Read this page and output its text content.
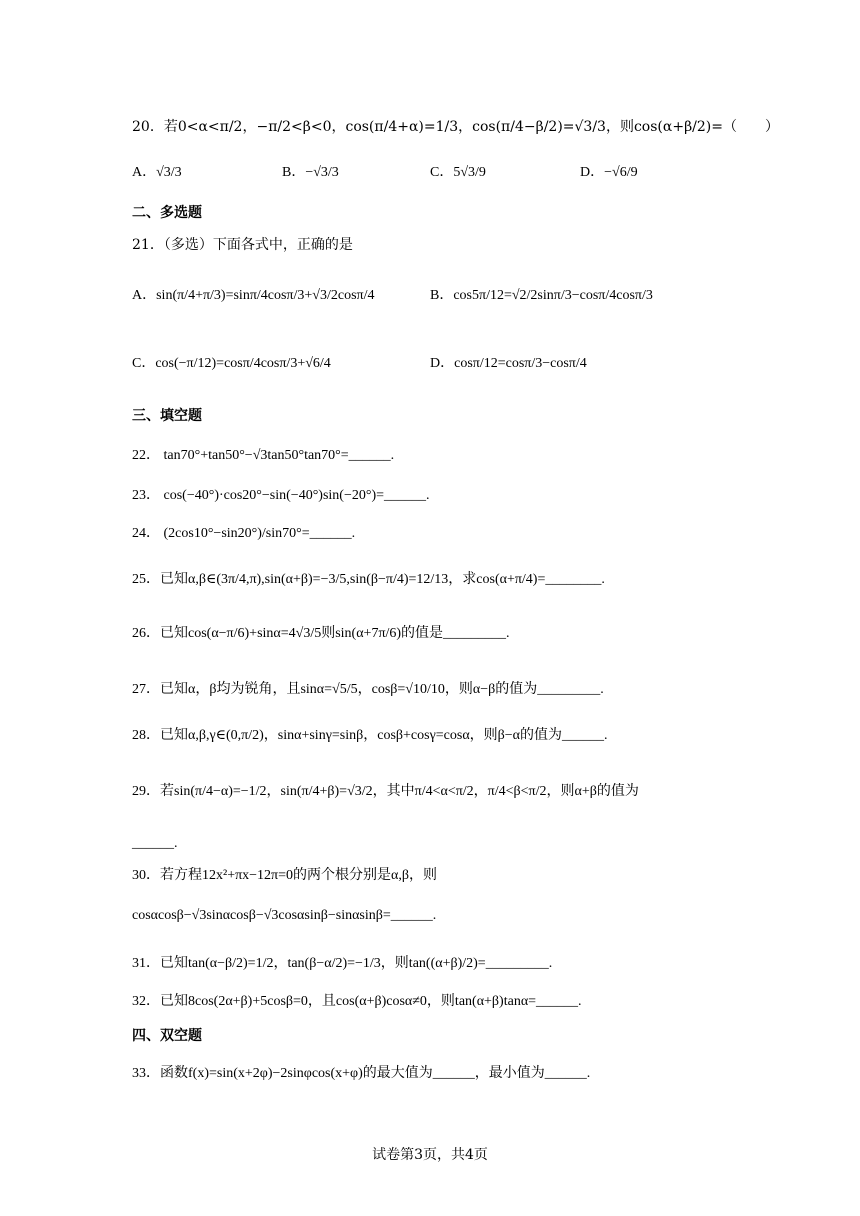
20．若0<α<π/2，−π/2<β<0，cos(π/4+α)=1/3，cos(π/4−β/2)=√3/3，则cos(α+β/2)=（　　）
A．√3/3	B．−√3/3	C．5√3/9	D．−√6/9
二、多选题
21．（多选）下面各式中，正确的是
A．sin(π/4+π/3)=sinπ/4cosπ/3+√3/2cosπ/4	B．cos5π/12=√2/2sinπ/3−cosπ/4cosπ/3
C．cos(−π/12)=cosπ/4cosπ/3+√6/4	D．cosπ/12=cosπ/3−cosπ/4
三、填空题
22． tan70°+tan50°−√3tan50°tan70°=______.
23． cos(−40°)·cos20°−sin(−40°)sin(−20°)=______.
24． (2cos10°−sin20°)/sin70°=______.
25．已知α,β∈(3π/4,π),sin(α+β)=−3/5,sin(β−π/4)=12/13，求cos(α+π/4)=________.
26．已知cos(α−π/6)+sinα=4√3/5则sin(α+7π/6)的值是_________.
27．已知α，β均为锐角，且sinα=√5/5，cosβ=√10/10，则α−β的值为_________.
28．已知α,β,γ∈(0,π/2)，sinα+sinγ=sinβ，cosβ+cosγ=cosα，则β−α的值为______.
29．若sin(π/4−α)=−1/2，sin(π/4+β)=√3/2，其中π/4<α<π/2，π/4<β<π/2，则α+β的值为
______.
30．若方程12x²+πx−12π=0的两个根分别是α,β，则
cosαcosβ−√3sinαcosβ−√3cosαsinβ−sinαsinβ=______.
31．已知tan(α−β/2)=1/2，tan(β−α/2)=−1/3，则tan((α+β)/2)=_________.
32．已知8cos(2α+β)+5cosβ=0，且cos(α+β)cosα≠0，则tan(α+β)tanα=______.
四、双空题
33．函数f(x)=sin(x+2φ)−2sinφcos(x+φ)的最大值为______，最小值为______.
试卷第3页，共4页
